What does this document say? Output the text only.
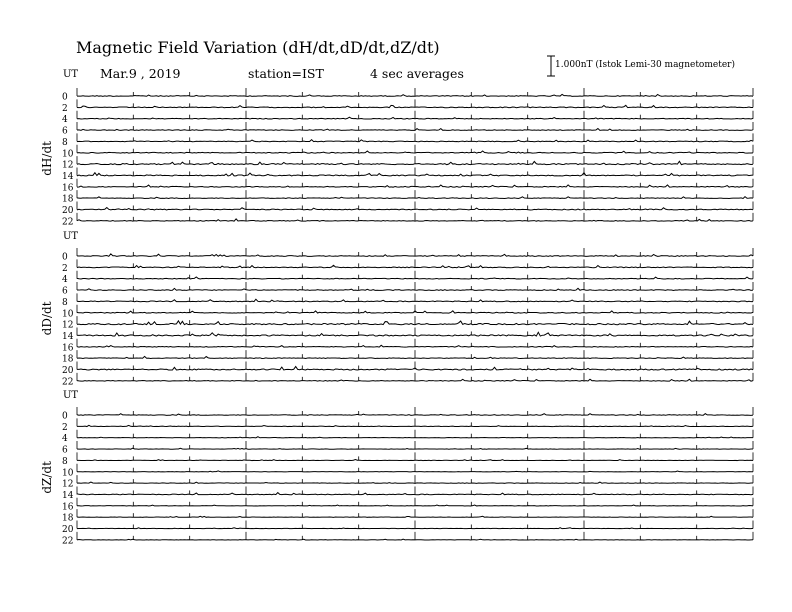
Magnetic Field Variation (dH/dt,dD/dt,dZ/dt)
Mar.9 , 2019	station=IST	4 sec averages
1.000nT (Istok Lemi-30 magnetometer)
UT
dH/dt
0
2
4
6
8
10
12
14
16
18
20
22
UT
dD/dt
0
2
4
6
8
10
12
14
16
18
20
22
UT
dZ/dt
0
2
4
6
8
10
12
14
16
18
20
22
